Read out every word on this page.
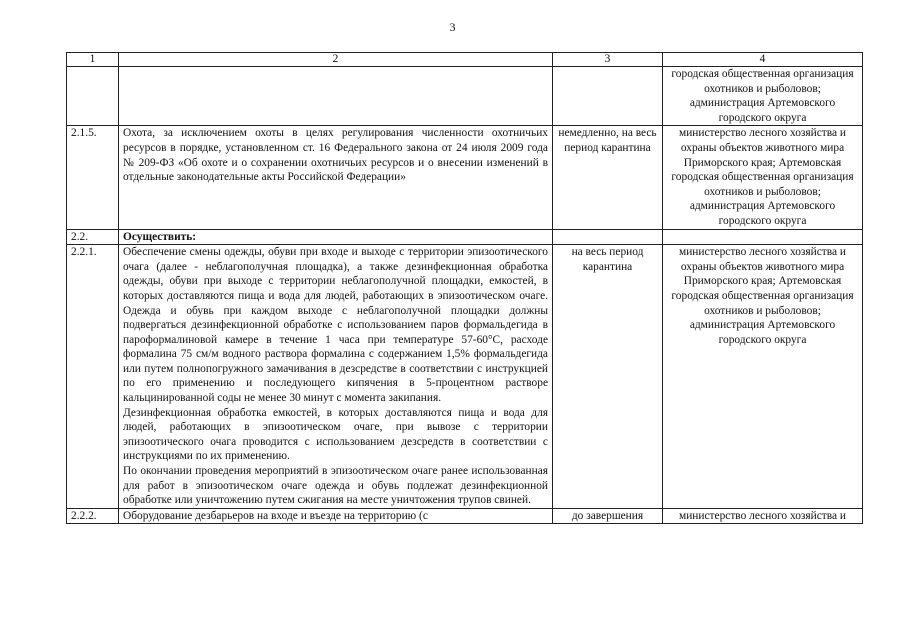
3
1	2	3	4
			городская общественная организация охотников и рыболовов; администрация Артемовского городского округа
2.1.5.	Охота, за исключением охоты в целях регулирования численности охотничьих ресурсов в порядке, установленном ст. 16 Федерального закона от 24 июля 2009 года № 209-ФЗ «Об охоте и о сохранении охотничьих ресурсов и о внесении изменений в отдельные законодательные акты Российской Федерации»	немедленно, на весь период карантина	министерство лесного хозяйства и охраны объектов животного мира Приморского края; Артемовская городская общественная организация охотников и рыболовов; администрация Артемовского городского округа
2.2.	Осуществить:		
2.2.1.	Обеспечение смены одежды, обуви при входе и выходе с территории эпизоотического очага (далее - неблагополучная площадка), а также дезинфекционная обработка одежды, обуви при выходе с территории неблагополучной площадки, емкостей, в которых доставляются пища и вода для людей, работающих в эпизоотическом очаге. Одежда и обувь при каждом выходе с неблагополучной площадки должны подвергаться дезинфекционной обработке с использованием паров формальдегида в пароформалиновой камере в течение 1 часа при температуре 57-60°С, расходе формалина 75 см/м водного раствора формалина с содержанием 1,5% формальдегида или путем полнопогружного замачивания в дезсредстве в соответствии с инструкцией по его применению и последующего кипячения в 5-процентном растворе кальцинированной соды не менее 30 минут с момента закипания.
Дезинфекционная обработка емкостей, в которых доставляются пища и вода для людей, работающих в эпизоотическом очаге, при вывозе с территории эпизоотического очага проводится с использованием дезсредств в соответствии с инструкциями по их применению.
По окончании проведения мероприятий в эпизоотическом очаге ранее использованная для работ в эпизоотическом очаге одежда и обувь подлежат дезинфекционной обработке или уничтожению путем сжигания на месте уничтожения трупов свиней.	на весь период карантина	министерство лесного хозяйства и охраны объектов животного мира Приморского края; Артемовская городская общественная организация охотников и рыболовов; администрация Артемовского городского округа
2.2.2.	Оборудование дезбарьеров на входе и въезде на территорию (с	до завершения	министерство лесного хозяйства и
